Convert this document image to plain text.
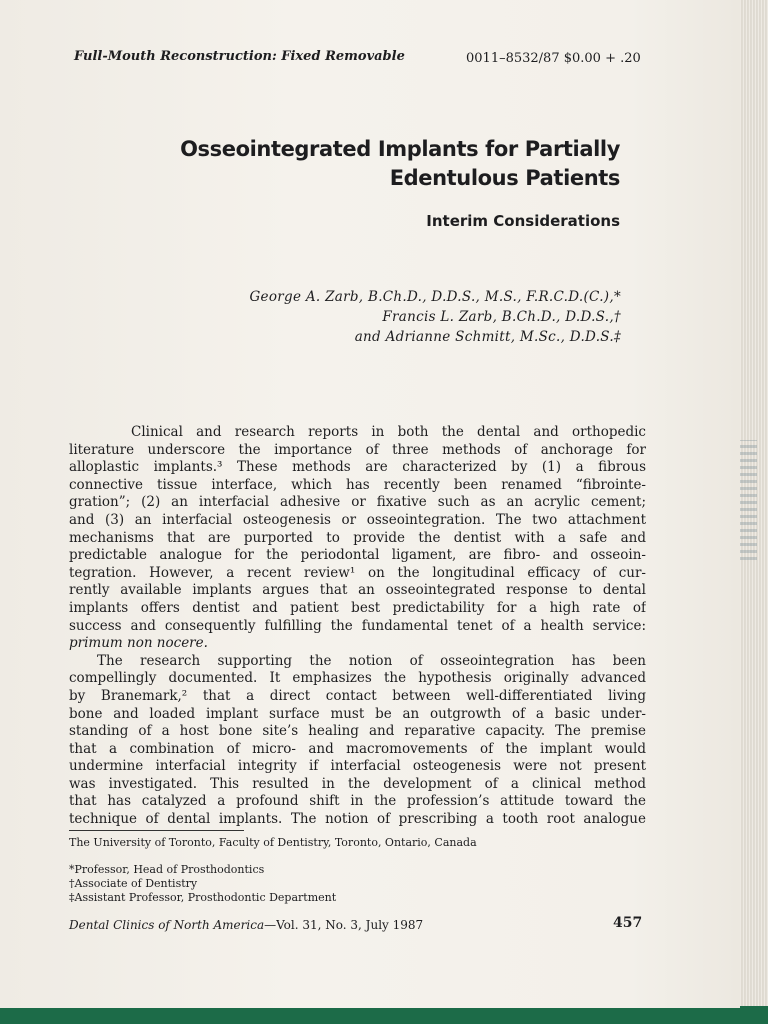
Full-Mouth Reconstruction: Fixed Removable	0011–8532/87 $0.00 + .20
Osseointegrated Implants for Partially
Edentulous Patients
Interim Considerations
George A. Zarb, B.Ch.D., D.D.S., M.S., F.R.C.D.(C.),*
Francis L. Zarb, B.Ch.D., D.D.S.,†
and Adrianne Schmitt, M.Sc., D.D.S.‡
Clinical and research reports in both the dental and orthopedic
literature underscore the importance of three methods of anchorage for
alloplastic implants.³ These methods are characterized by (1) a fibrous
connective tissue interface, which has recently been renamed “fibrointe-
gration”; (2) an interfacial adhesive or fixative such as an acrylic cement;
and (3) an interfacial osteogenesis or osseointegration. The two attachment
mechanisms that are purported to provide the dentist with a safe and
predictable analogue for the periodontal ligament, are fibro- and osseoin-
tegration. However, a recent review¹ on the longitudinal efficacy of cur-
rently available implants argues that an osseointegrated response to dental
implants offers dentist and patient best predictability for a high rate of
success and consequently fulfilling the fundamental tenet of a health service:
primum non nocere.
The research supporting the notion of osseointegration has been
compellingly documented. It emphasizes the hypothesis originally advanced
by Branemark,² that a direct contact between well-differentiated living
bone and loaded implant surface must be an outgrowth of a basic under-
standing of a host bone site’s healing and reparative capacity. The premise
that a combination of micro- and macromovements of the implant would
undermine interfacial integrity if interfacial osteogenesis were not present
was investigated. This resulted in the development of a clinical method
that has catalyzed a profound shift in the profession’s attitude toward the
technique of dental implants. The notion of prescribing a tooth root analogue
The University of Toronto, Faculty of Dentistry, Toronto, Ontario, Canada
*Professor, Head of Prosthodontics
†Associate of Dentistry
‡Assistant Professor, Prosthodontic Department
Dental Clinics of North America—Vol. 31, No. 3, July 1987	457
